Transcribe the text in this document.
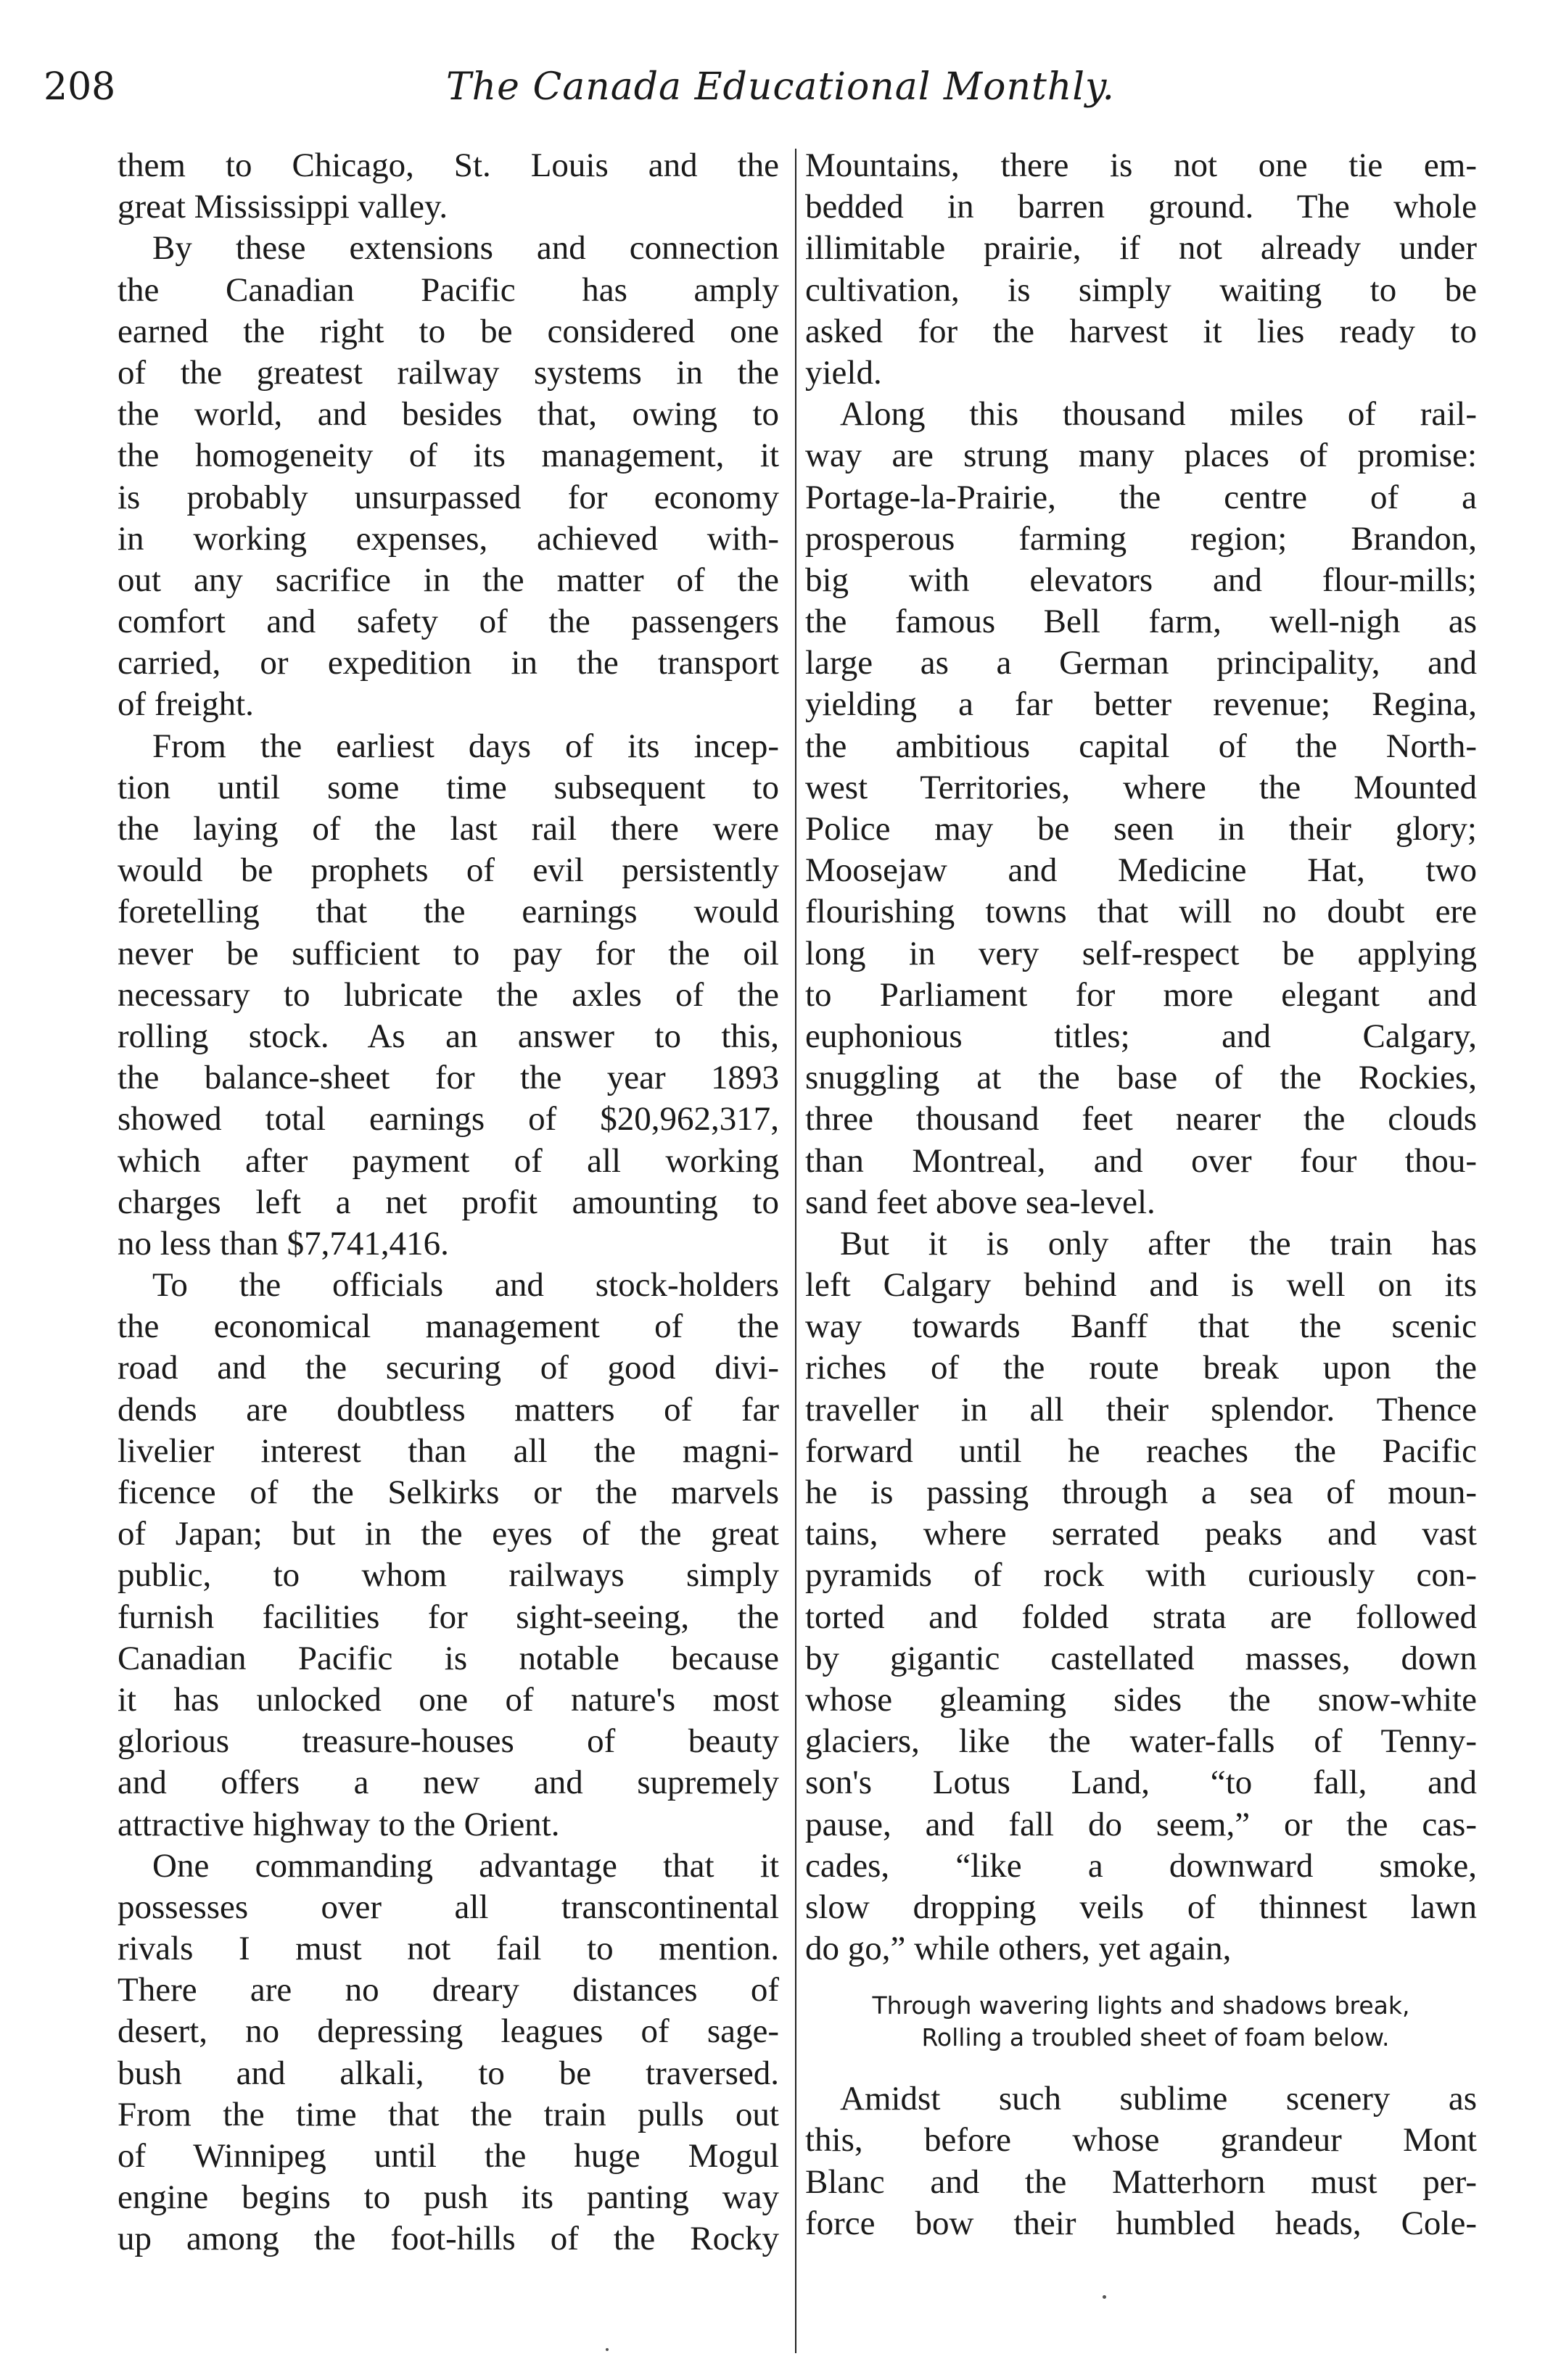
208	The Canada Educational Monthly.
them to Chicago, St. Louis and the
great Mississippi valley.
By these extensions and connection
the Canadian Pacific has amply
earned the right to be considered one
of the greatest railway systems in the
the world, and besides that, owing to
the homogeneity of its management, it
is probably unsurpassed for economy
in working expenses, achieved with-
out any sacrifice in the matter of the
comfort and safety of the passengers
carried, or expedition in the transport
of freight.
From the earliest days of its incep-
tion until some time subsequent to
the laying of the last rail there were
would be prophets of evil persistently
foretelling that the earnings would
never be sufficient to pay for the oil
necessary to lubricate the axles of the
rolling stock. As an answer to this,
the balance-sheet for the year 1893
showed total earnings of $20,962,317,
which after payment of all working
charges left a net profit amounting to
no less than $7,741,416.
To the officials and stock-holders
the economical management of the
road and the securing of good divi-
dends are doubtless matters of far
livelier interest than all the magni-
ficence of the Selkirks or the marvels
of Japan; but in the eyes of the great
public, to whom railways simply
furnish facilities for sight-seeing, the
Canadian Pacific is notable because
it has unlocked one of nature's most
glorious treasure-houses of beauty
and offers a new and supremely
attractive highway to the Orient.
One commanding advantage that it
possesses over all transcontinental
rivals I must not fail to mention.
There are no dreary distances of
desert, no depressing leagues of sage-
bush and alkali, to be traversed.
From the time that the train pulls out
of Winnipeg until the huge Mogul
engine begins to push its panting way
up among the foot-hills of the Rocky
Mountains, there is not one tie em-
bedded in barren ground. The whole
illimitable prairie, if not already under
cultivation, is simply waiting to be
asked for the harvest it lies ready to
yield.
Along this thousand miles of rail-
way are strung many places of promise:
Portage-la-Prairie, the centre of a
prosperous farming region; Brandon,
big with elevators and flour-mills;
the famous Bell farm, well-nigh as
large as a German principality, and
yielding a far better revenue; Regina,
the ambitious capital of the North-
west Territories, where the Mounted
Police may be seen in their glory;
Moosejaw and Medicine Hat, two
flourishing towns that will no doubt ere
long in very self-respect be applying
to Parliament for more elegant and
euphonious titles; and Calgary,
snuggling at the base of the Rockies,
three thousand feet nearer the clouds
than Montreal, and over four thou-
sand feet above sea-level.
But it is only after the train has
left Calgary behind and is well on its
way towards Banff that the scenic
riches of the route break upon the
traveller in all their splendor. Thence
forward until he reaches the Pacific
he is passing through a sea of moun-
tains, where serrated peaks and vast
pyramids of rock with curiously con-
torted and folded strata are followed
by gigantic castellated masses, down
whose gleaming sides the snow-white
glaciers, like the water-falls of Tenny-
son's Lotus Land, “to fall, and
pause, and fall do seem,” or the cas-
cades, “like a downward smoke,
slow dropping veils of thinnest lawn
do go,” while others, yet again,
Through wavering lights and shadows break,
Rolling a troubled sheet of foam below.
Amidst such sublime scenery as
this, before whose grandeur Mont
Blanc and the Matterhorn must per-
force bow their humbled heads, Cole-
